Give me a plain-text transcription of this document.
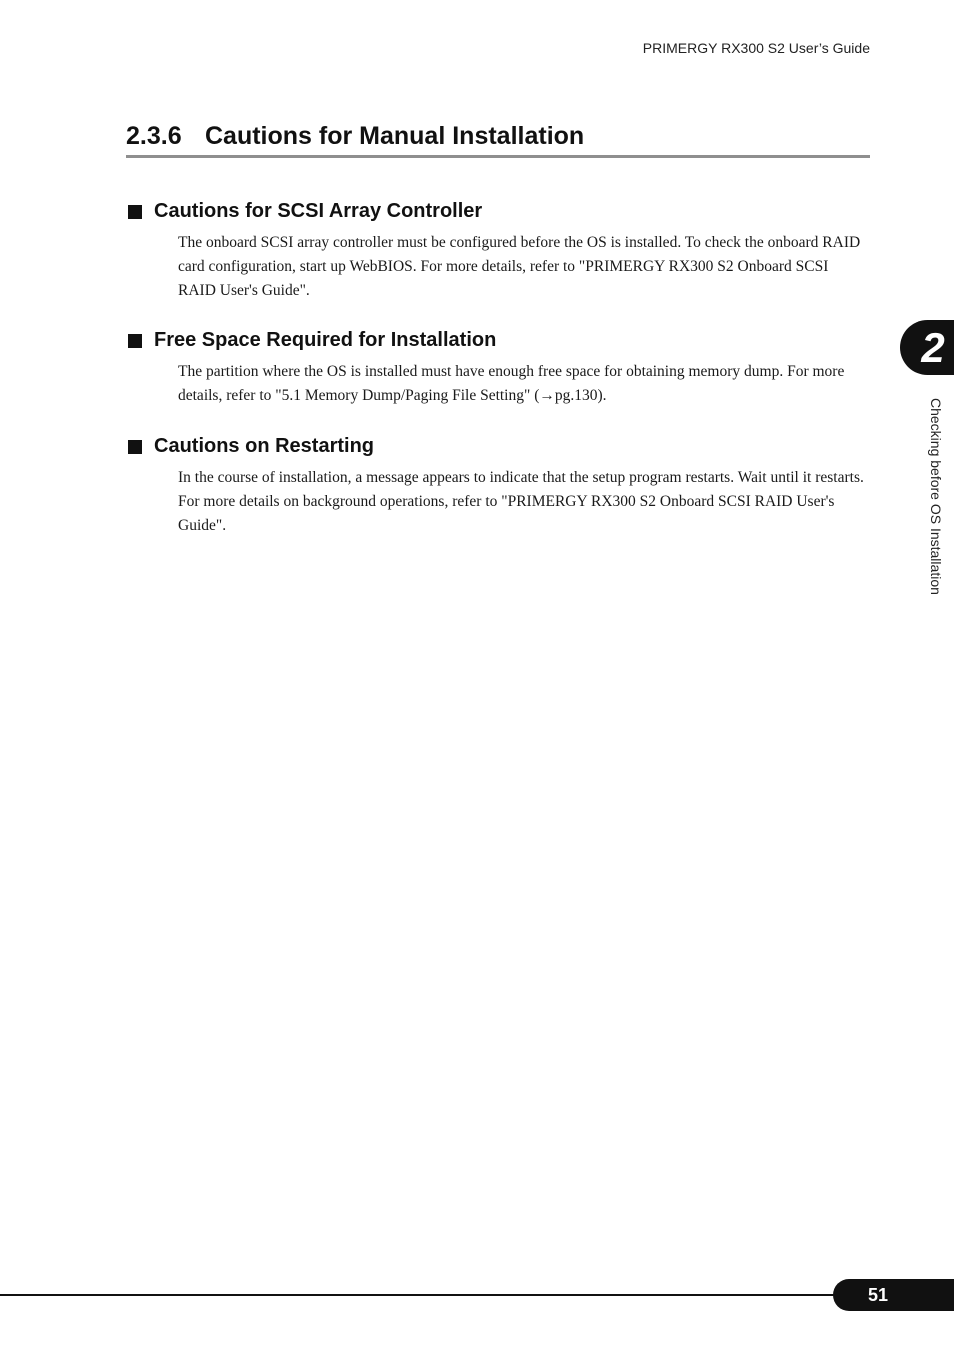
PRIMERGY RX300 S2 User’s Guide
2.3.6 Cautions for Manual Installation
Cautions for SCSI Array Controller

The onboard SCSI array controller must be configured before the OS is installed. To check the onboard RAID card configuration, start up WebBIOS. For more details, refer to "PRIMERGY RX300 S2 Onboard SCSI RAID User's Guide".

Free Space Required for Installation

The partition where the OS is installed must have enough free space for obtaining memory dump. For more details, refer to "5.1 Memory Dump/Paging File Setting" (→pg.130).

Cautions on Restarting

In the course of installation, a message appears to indicate that the setup program restarts. Wait until it restarts.

For more details on background operations, refer to "PRIMERGY RX300 S2 Onboard SCSI RAID User's Guide".

2
Checking before OS Installation
51
